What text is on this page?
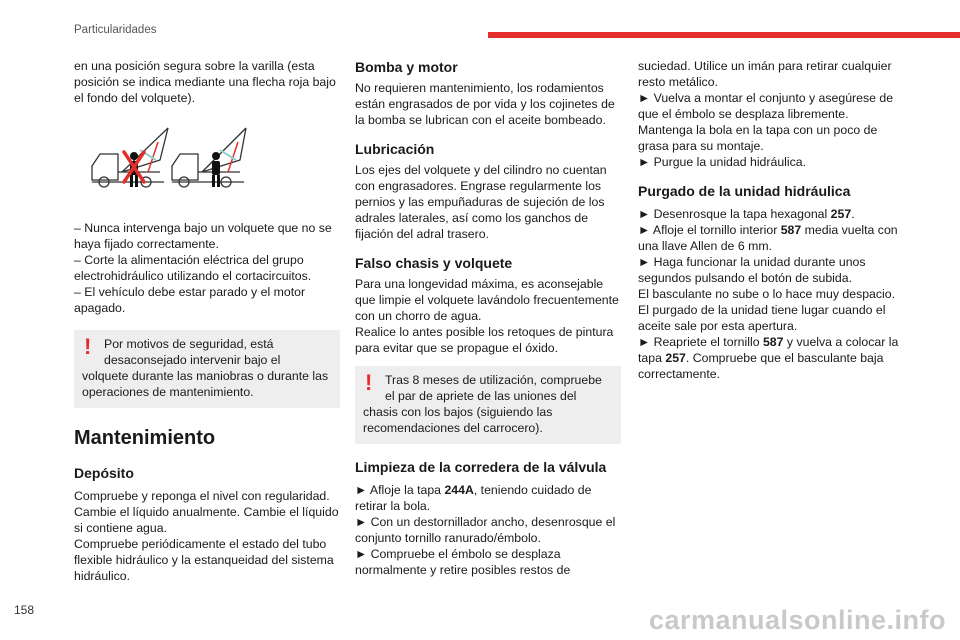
Particularidades

en una posición segura sobre la varilla (esta posición se indica mediante una flecha roja bajo el fondo del volquete).

– Nunca intervenga bajo un volquete que no se haya fijado correctamente.

– Corte la alimentación eléctrica del grupo electrohidráulico utilizando el cortacircuitos.

– El vehículo debe estar parado y el motor apagado.

!	Por motivos de seguridad, está desaconsejado intervenir bajo el

volquete durante las maniobras o durante las operaciones de mantenimiento.

Mantenimiento
Depósito

Compruebe y reponga el nivel con regularidad. Cambie el líquido anualmente. Cambie el líquido si contiene agua.

Compruebe periódicamente el estado del tubo flexible hidráulico y la estanqueidad del sistema hidráulico.

Bomba y motor

No requieren mantenimiento, los rodamientos están engrasados de por vida y los cojinetes de la bomba se lubrican con el aceite bombeado.

Lubricación

Los ejes del volquete y del cilindro no cuentan con engrasadores. Engrase regularmente los pernios y las empuñaduras de sujeción de los adrales laterales, así como los ganchos de fijación del adral trasero.

Falso chasis y volquete

Para una longevidad máxima, es aconsejable que limpie el volquete lavándolo frecuentemente con un chorro de agua.

Realice lo antes posible los retoques de pintura para evitar que se propague el óxido.

!	Tras 8 meses de utilización, compruebe el par de apriete de las uniones del

chasis con los bajos (siguiendo las recomendaciones del carrocero).

Limpieza de la corredera de la válvula

► Afloje la tapa 244A, teniendo cuidado de retirar la bola.

► Con un destornillador ancho, desenrosque el conjunto tornillo ranurado/émbolo.

► Compruebe el émbolo se desplaza normalmente y retire posibles restos de

suciedad. Utilice un imán para retirar cualquier resto metálico.

► Vuelva a montar el conjunto y asegúrese de que el émbolo se desplaza libremente.

Mantenga la bola en la tapa con un poco de grasa para su montaje.

► Purgue la unidad hidráulica.

Purgado de la unidad hidráulica

► Desenrosque la tapa hexagonal 257.

► Afloje el tornillo interior 587 media vuelta con una llave Allen de 6 mm.

► Haga funcionar la unidad durante unos segundos pulsando el botón de subida.

El basculante no sube o lo hace muy despacio.

El purgado de la unidad tiene lugar cuando el aceite sale por esta apertura.

► Reapriete el tornillo 587 y vuelva a colocar la tapa 257. Compruebe que el basculante baja correctamente.

158	carmanualsonline.info
